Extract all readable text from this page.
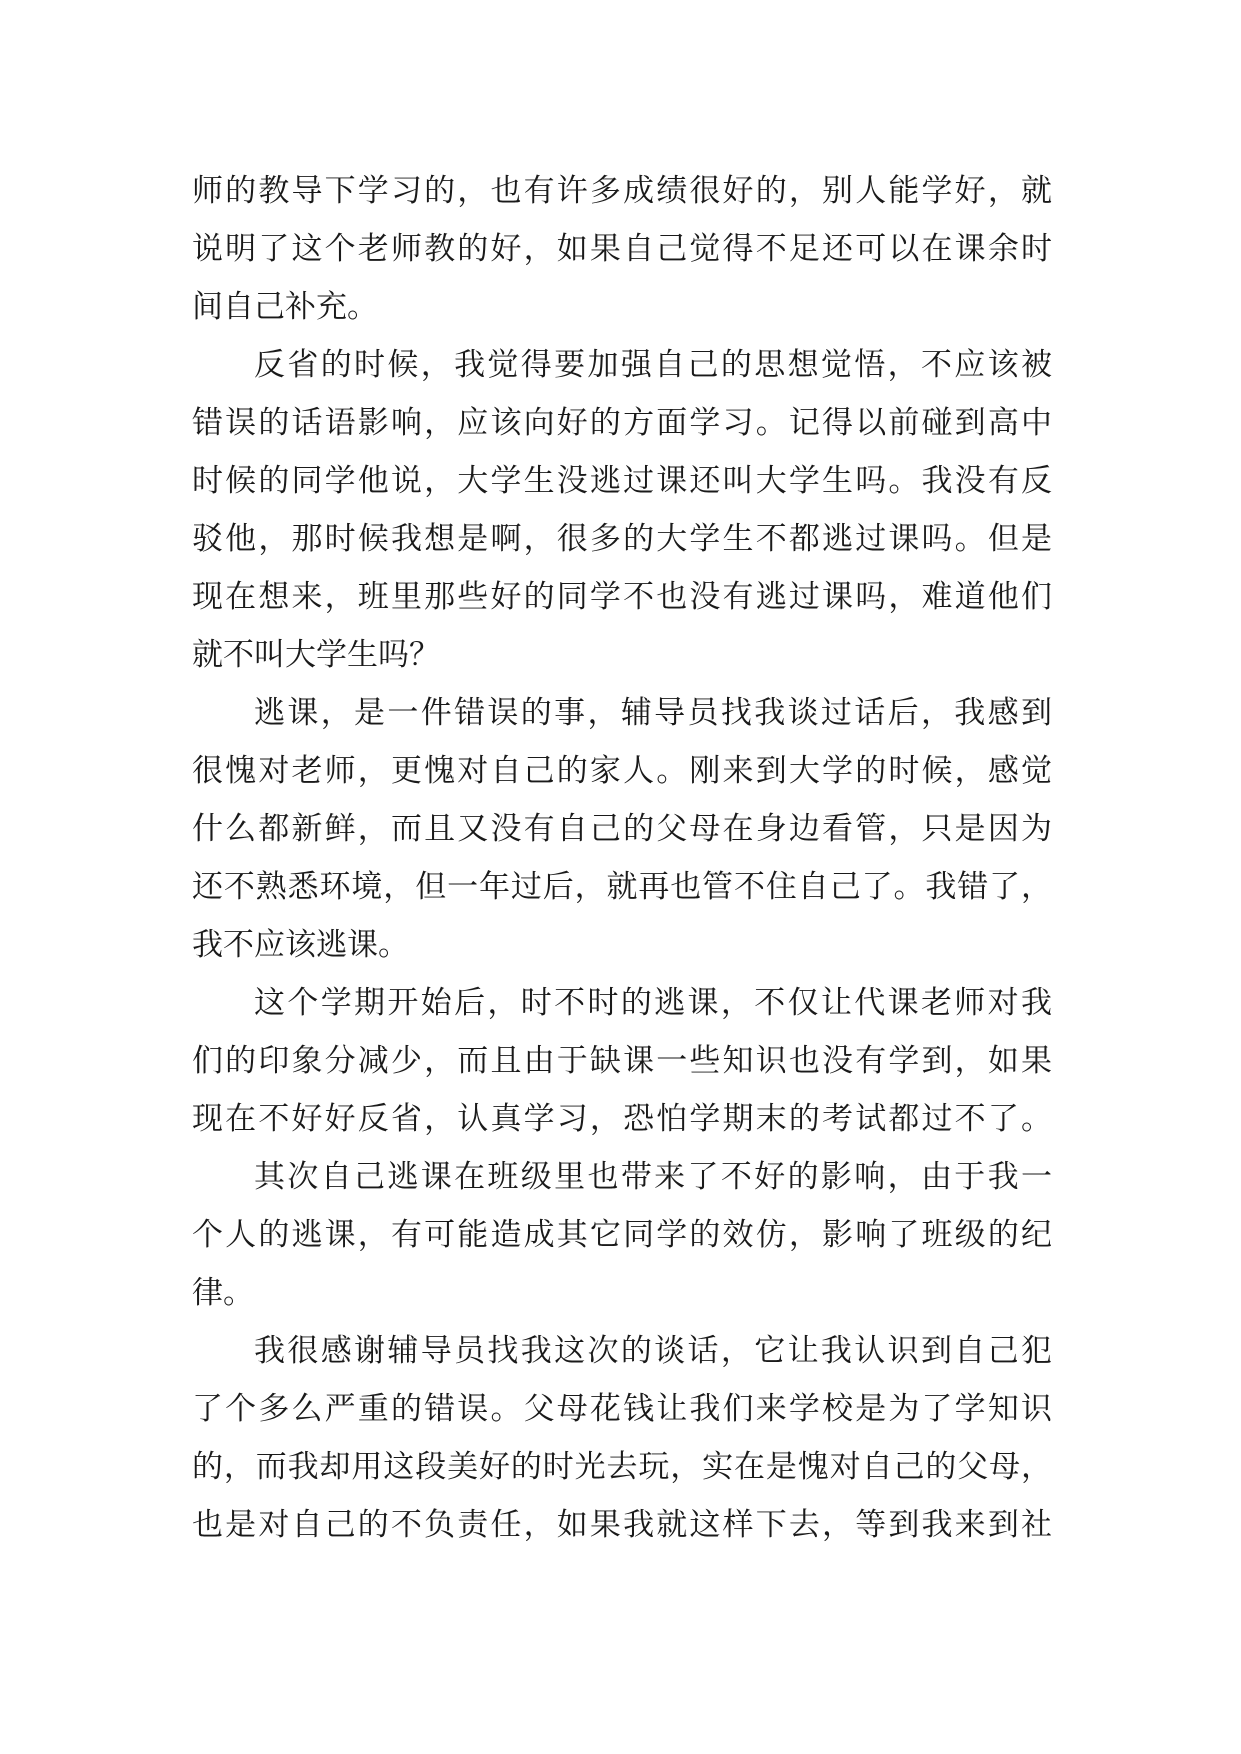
师的教导下学习的，也有许多成绩很好的，别人能学好，就
说明了这个老师教的好，如果自己觉得不足还可以在课余时
间自己补充。
反省的时候，我觉得要加强自己的思想觉悟，不应该被
错误的话语影响，应该向好的方面学习。记得以前碰到高中
时候的同学他说，大学生没逃过课还叫大学生吗。我没有反
驳他，那时候我想是啊，很多的大学生不都逃过课吗。但是
现在想来，班里那些好的同学不也没有逃过课吗，难道他们
就不叫大学生吗？
逃课，是一件错误的事，辅导员找我谈过话后，我感到
很愧对老师，更愧对自己的家人。刚来到大学的时候，感觉
什么都新鲜，而且又没有自己的父母在身边看管，只是因为
还不熟悉环境，但一年过后，就再也管不住自己了。我错了，
我不应该逃课。
这个学期开始后，时不时的逃课，不仅让代课老师对我
们的印象分减少，而且由于缺课一些知识也没有学到，如果
现在不好好反省，认真学习，恐怕学期末的考试都过不了。
其次自己逃课在班级里也带来了不好的影响，由于我一
个人的逃课，有可能造成其它同学的效仿，影响了班级的纪
律。
我很感谢辅导员找我这次的谈话，它让我认识到自己犯
了个多么严重的错误。父母花钱让我们来学校是为了学知识
的，而我却用这段美好的时光去玩，实在是愧对自己的父母，
也是对自己的不负责任，如果我就这样下去，等到我来到社
